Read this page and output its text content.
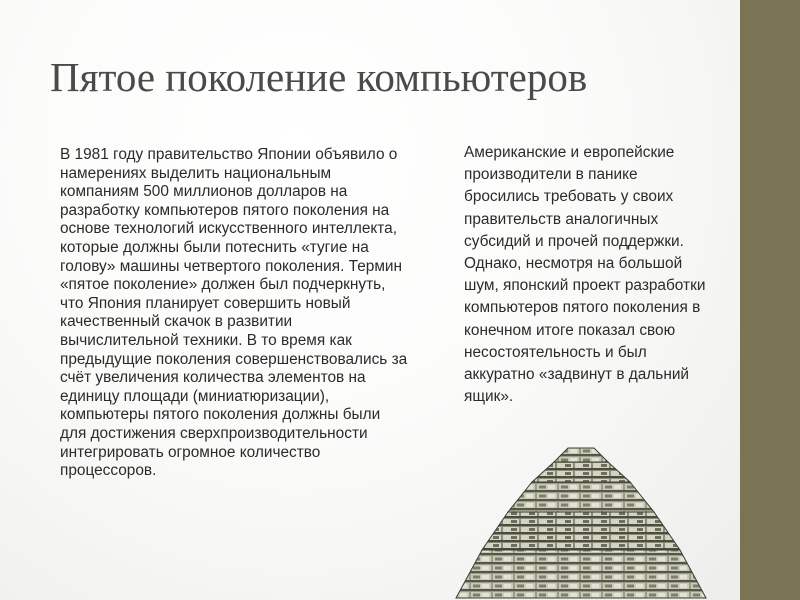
Пятое поколение компьютеров
В 1981 году правительство Японии объявило о намерениях выделить национальным компаниям 500 миллионов долларов на разработку компьютеров пятого поколения на основе технологий искусственного интеллекта, которые должны были потеснить «тугие на голову» машины четвертого поколения. Термин «пятое поколение» должен был подчеркнуть, что Япония планирует совершить новый качественный скачок в развитии вычислительной техники. В то время как предыдущие поколения совершенствовались за счёт увеличения количества элементов на единицу площади (миниатюризации), компьютеры пятого поколения должны были для достижения сверхпроизводительности интегрировать огромное количество процессоров.
Американские и европейские производители в панике бросились требовать у своих правительств аналогичных субсидий и прочей поддержки. Однако, несмотря на большой шум, японский проект разработки компьютеров пятого поколения в конечном итоге показал свою несостоятельность и был аккуратно «задвинут в дальний ящик».
